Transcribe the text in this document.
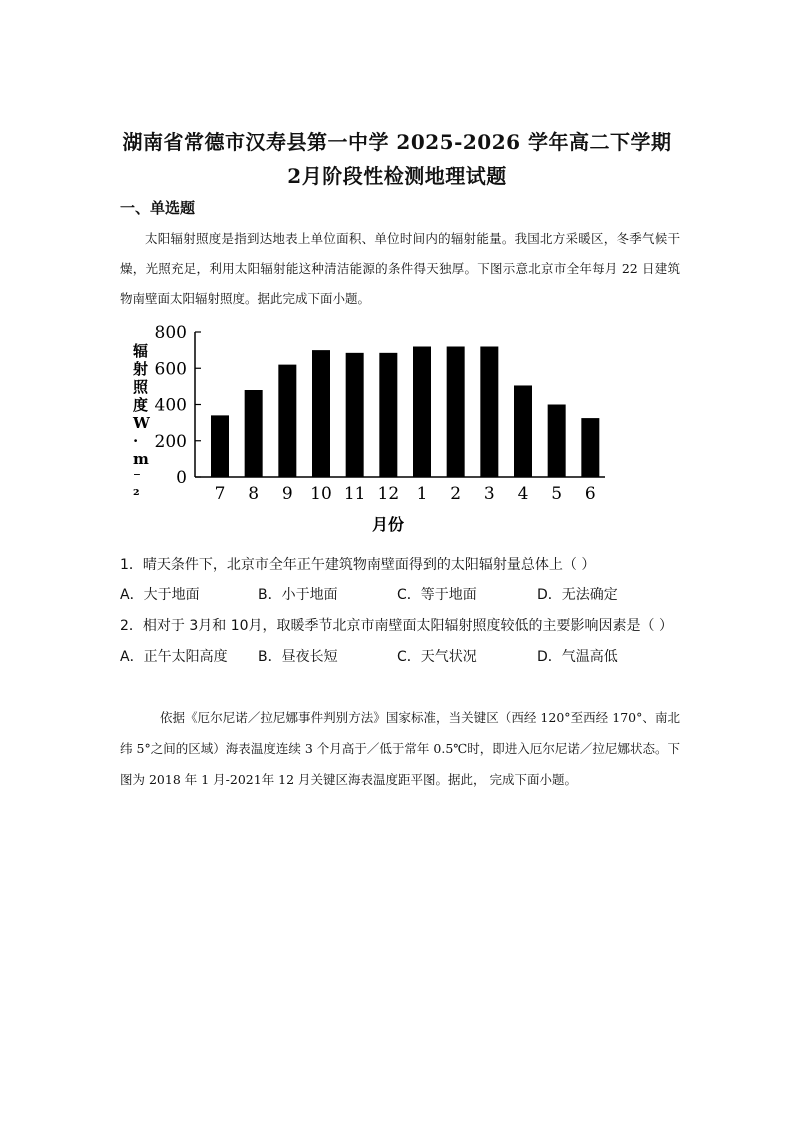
湖南省常德市汉寿县第一中学 2025-2026 学年高二下学期
2月阶段性检测地理试题
一、单选题
太阳辐射照度是指到达地表上单位面积、单位时间内的辐射能量。我国北方采暖区，冬季气候干燥，光照充足，利用太阳辐射能这种清洁能源的条件得天独厚。下图示意北京市全年每月 22 日建筑物南壁面太阳辐射照度。据此完成下面小题。
0
200
400
600
800
7 8 9 10 11 12 1 2 3 4 5 6
辐射照度 W · m ⁻ ²
月份
1．晴天条件下，北京市全年正午建筑物南壁面得到的太阳辐射量总体上（ ）
A．大于地面	B．小于地面	C．等于地面	D．无法确定
2．相对于 3月和 10月，取暖季节北京市南壁面太阳辐射照度较低的主要影响因素是（ ）
A．正午太阳高度 B．昼夜长短	C．天气状况	D．气温高低
依据《厄尔尼诺／拉尼娜事件判别方法》国家标准，当关键区（西经 120°至西经 170°、南北纬 5°之间的区域）海表温度连续 3 个月高于／低于常年 0.5℃时，即进入厄尔尼诺／拉尼娜状态。下图为 2018 年 1 月-2021年 12 月关键区海表温度距平图。据此， 完成下面小题。
